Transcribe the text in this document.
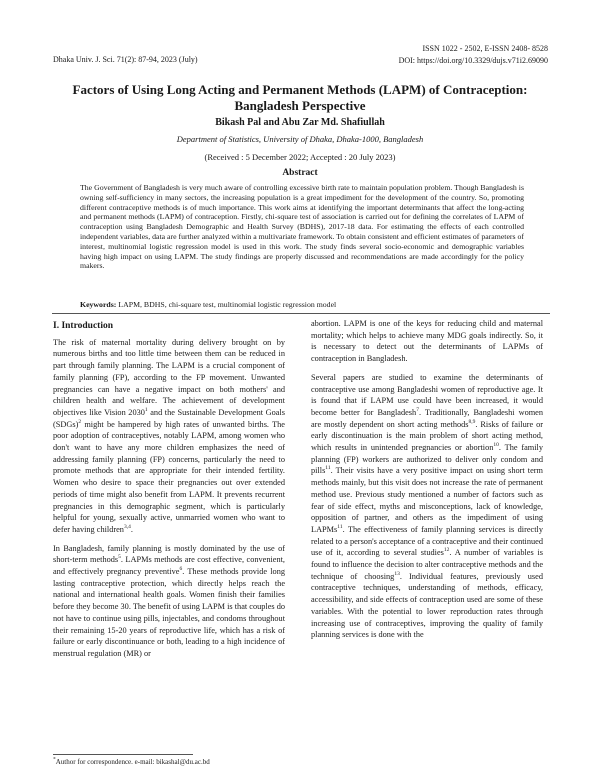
ISSN 1022 - 2502, E-ISSN 2408- 8528
DOI: https://doi.org/10.3329/dujs.v71i2.69090
Dhaka Univ. J. Sci. 71(2): 87-94, 2023 (July)
Factors of Using Long Acting and Permanent Methods (LAPM) of Contraception:
Bangladesh Perspective
Bikash Pal and Abu Zar Md. Shafiullah
Department of Statistics, University of Dhaka, Dhaka-1000, Bangladesh
(Received : 5 December 2022; Accepted : 20 July 2023)
Abstract
The Government of Bangladesh is very much aware of controlling excessive birth rate to maintain population problem. Though Bangladesh is owning self-sufficiency in many sectors, the increasing population is a great impediment for the development of the country. So, promoting different contraceptive methods is of much importance. This work aims at identifying the important determinants that affect the long-acting and permanent methods (LAPM) of contraception. Firstly, chi-square test of association is carried out for defining the correlates of LAPM of contraception using Bangladesh Demographic and Health Survey (BDHS), 2017-18 data. For estimating the effects of each controlled independent variables, data are further analyzed within a multivariate framework. To obtain consistent and efficient estimates of parameters of interest, multinomial logistic regression model is used in this work. The study finds several socio-economic and demographic variables having high impact on using LAPM. The study findings are properly discussed and recommendations are made accordingly for the policy makers.
Keywords: LAPM, BDHS, chi-square test, multinomial logistic regression model
I. Introduction

The risk of maternal mortality during delivery brought on by numerous births and too little time between them can be reduced in part through family planning. The LAPM is a crucial component of family planning (FP), according to the FP movement. Unwanted pregnancies can have a negative impact on both mothers' and children health and welfare. The achievement of development objectives like Vision 2030$^1$ and the Sustainable Development Goals (SDGs)$^2$ might be hampered by high rates of unwanted births. The poor adoption of contraceptives, notably LAPM, among women who don't want to have any more children emphasizes the need of addressing family planning (FP) concerns, particularly the need to promote methods that are appropriate for their intended fertility. Women who desire to space their pregnancies out over extended periods of time might also benefit from LAPM. It prevents recurrent pregnancies in this demographic segment, which is particularly helpful for young, sexually active, unmarried women who want to defer having children$^{3,4}$.

In Bangladesh, family planning is mostly dominated by the use of short-term methods$^5$. LAPMs methods are cost effective, convenient, and effectively pregnancy preventive$^6$. These methods provide long lasting contraceptive protection, which directly helps reach the national and international health goals. Women finish their families before they become 30. The benefit of using LAPM is that couples do not have to continue using pills, injectables, and condoms throughout their remaining 15-20 years of reproductive life, which has a risk of failure or early discontinuance or both, leading to a high incidence of menstrual regulation (MR) or

abortion. LAPM is one of the keys for reducing child and maternal mortality; which helps to achieve many MDG goals indirectly. So, it is necessary to detect out the determinants of LAPMs of contraception in Bangladesh.

Several papers are studied to examine the determinants of contraceptive use among Bangladeshi women of reproductive age. It is found that if LAPM use could have been increased, it would become better for Bangladesh$^7$. Traditionally, Bangladeshi women are mostly dependent on short acting methods$^{8,9}$. Risks of failure or early discontinuation is the main problem of short acting method, which results in unintended pregnancies or abortion$^{10}$. The family planning (FP) workers are authorized to deliver only condom and pills$^{11}$. Their visits have a very positive impact on using short term methods mainly, but this visit does not increase the rate of permanent method use. Previous study mentioned a number of factors such as fear of side effect, myths and misconceptions, lack of knowledge, opposition of partner, and others as the impediment of using LAPMs$^{11}$. The effectiveness of family planning services is directly related to a person's acceptance of a contraceptive and their continued use of it, according to several studies$^{12}$. A number of variables is found to influence the decision to alter contraceptive methods and the technique of choosing$^{13}$. Individual features, previously used contraceptive techniques, understanding of methods, efficacy, accessibility, and side effects of contraception used are some of these variables. With the potential to lower reproduction rates through increasing use of contraceptives, improving the quality of family planning services is done with the

*Author for correspondence. e-mail: bikashal@du.ac.bd
